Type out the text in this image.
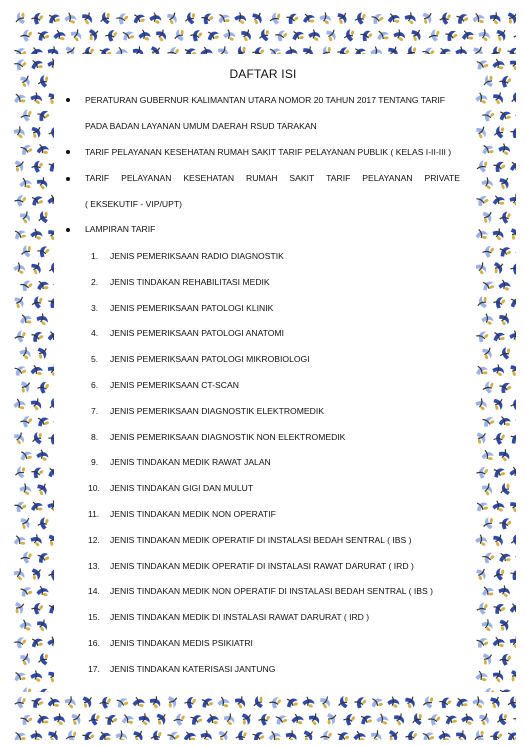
DAFTAR ISI
PERATURAN GUBERNUR KALIMANTAN UTARA NOMOR 20 TAHUN 2017 TENTANG TARIF
PADA BADAN LAYANAN UMUM DAERAH RSUD TARAKAN
TARIF PELAYANAN KESEHATAN RUMAH SAKIT TARIF PELAYANAN PUBLIK ( KELAS I-II-III )
TARIF PELAYANAN KESEHATAN RUMAH SAKIT TARIF PELAYANAN PRIVATE
( EKSEKUTIF - VIP/UPT)
LAMPIRAN TARIF
1. JENIS PEMERIKSAAN RADIO DIAGNOSTIK
2. JENIS TINDAKAN REHABILITASI MEDIK
3. JENIS PEMERIKSAAN PATOLOGI KLINIK
4. JENIS PEMERIKSAAN PATOLOGI ANATOMI
5. JENIS PEMERIKSAAN PATOLOGI MIKROBIOLOGI
6. JENIS PEMERIKSAAN CT-SCAN
7. JENIS PEMERIKSAAN DIAGNOSTIK ELEKTROMEDIK
8. JENIS PEMERIKSAAN DIAGNOSTIK NON ELEKTROMEDIK
9. JENIS TINDAKAN MEDIK RAWAT JALAN
10. JENIS TINDAKAN GIGI DAN MULUT
11. JENIS TINDAKAN MEDIK NON OPERATIF
12. JENIS TINDAKAN MEDIK OPERATIF DI INSTALASI BEDAH SENTRAL ( IBS )
13. JENIS TINDAKAN MEDIK OPERATIF DI INSTALASI RAWAT DARURAT ( IRD )
14. JENIS TINDAKAN MEDIK NON OPERATIF DI INSTALASI BEDAH SENTRAL ( IBS )
15. JENIS TINDAKAN MEDIK DI INSTALASI RAWAT DARURAT ( IRD )
16. JENIS TINDAKAN MEDIS PSIKIATRI
17. JENIS TINDAKAN KATERISASI JANTUNG
